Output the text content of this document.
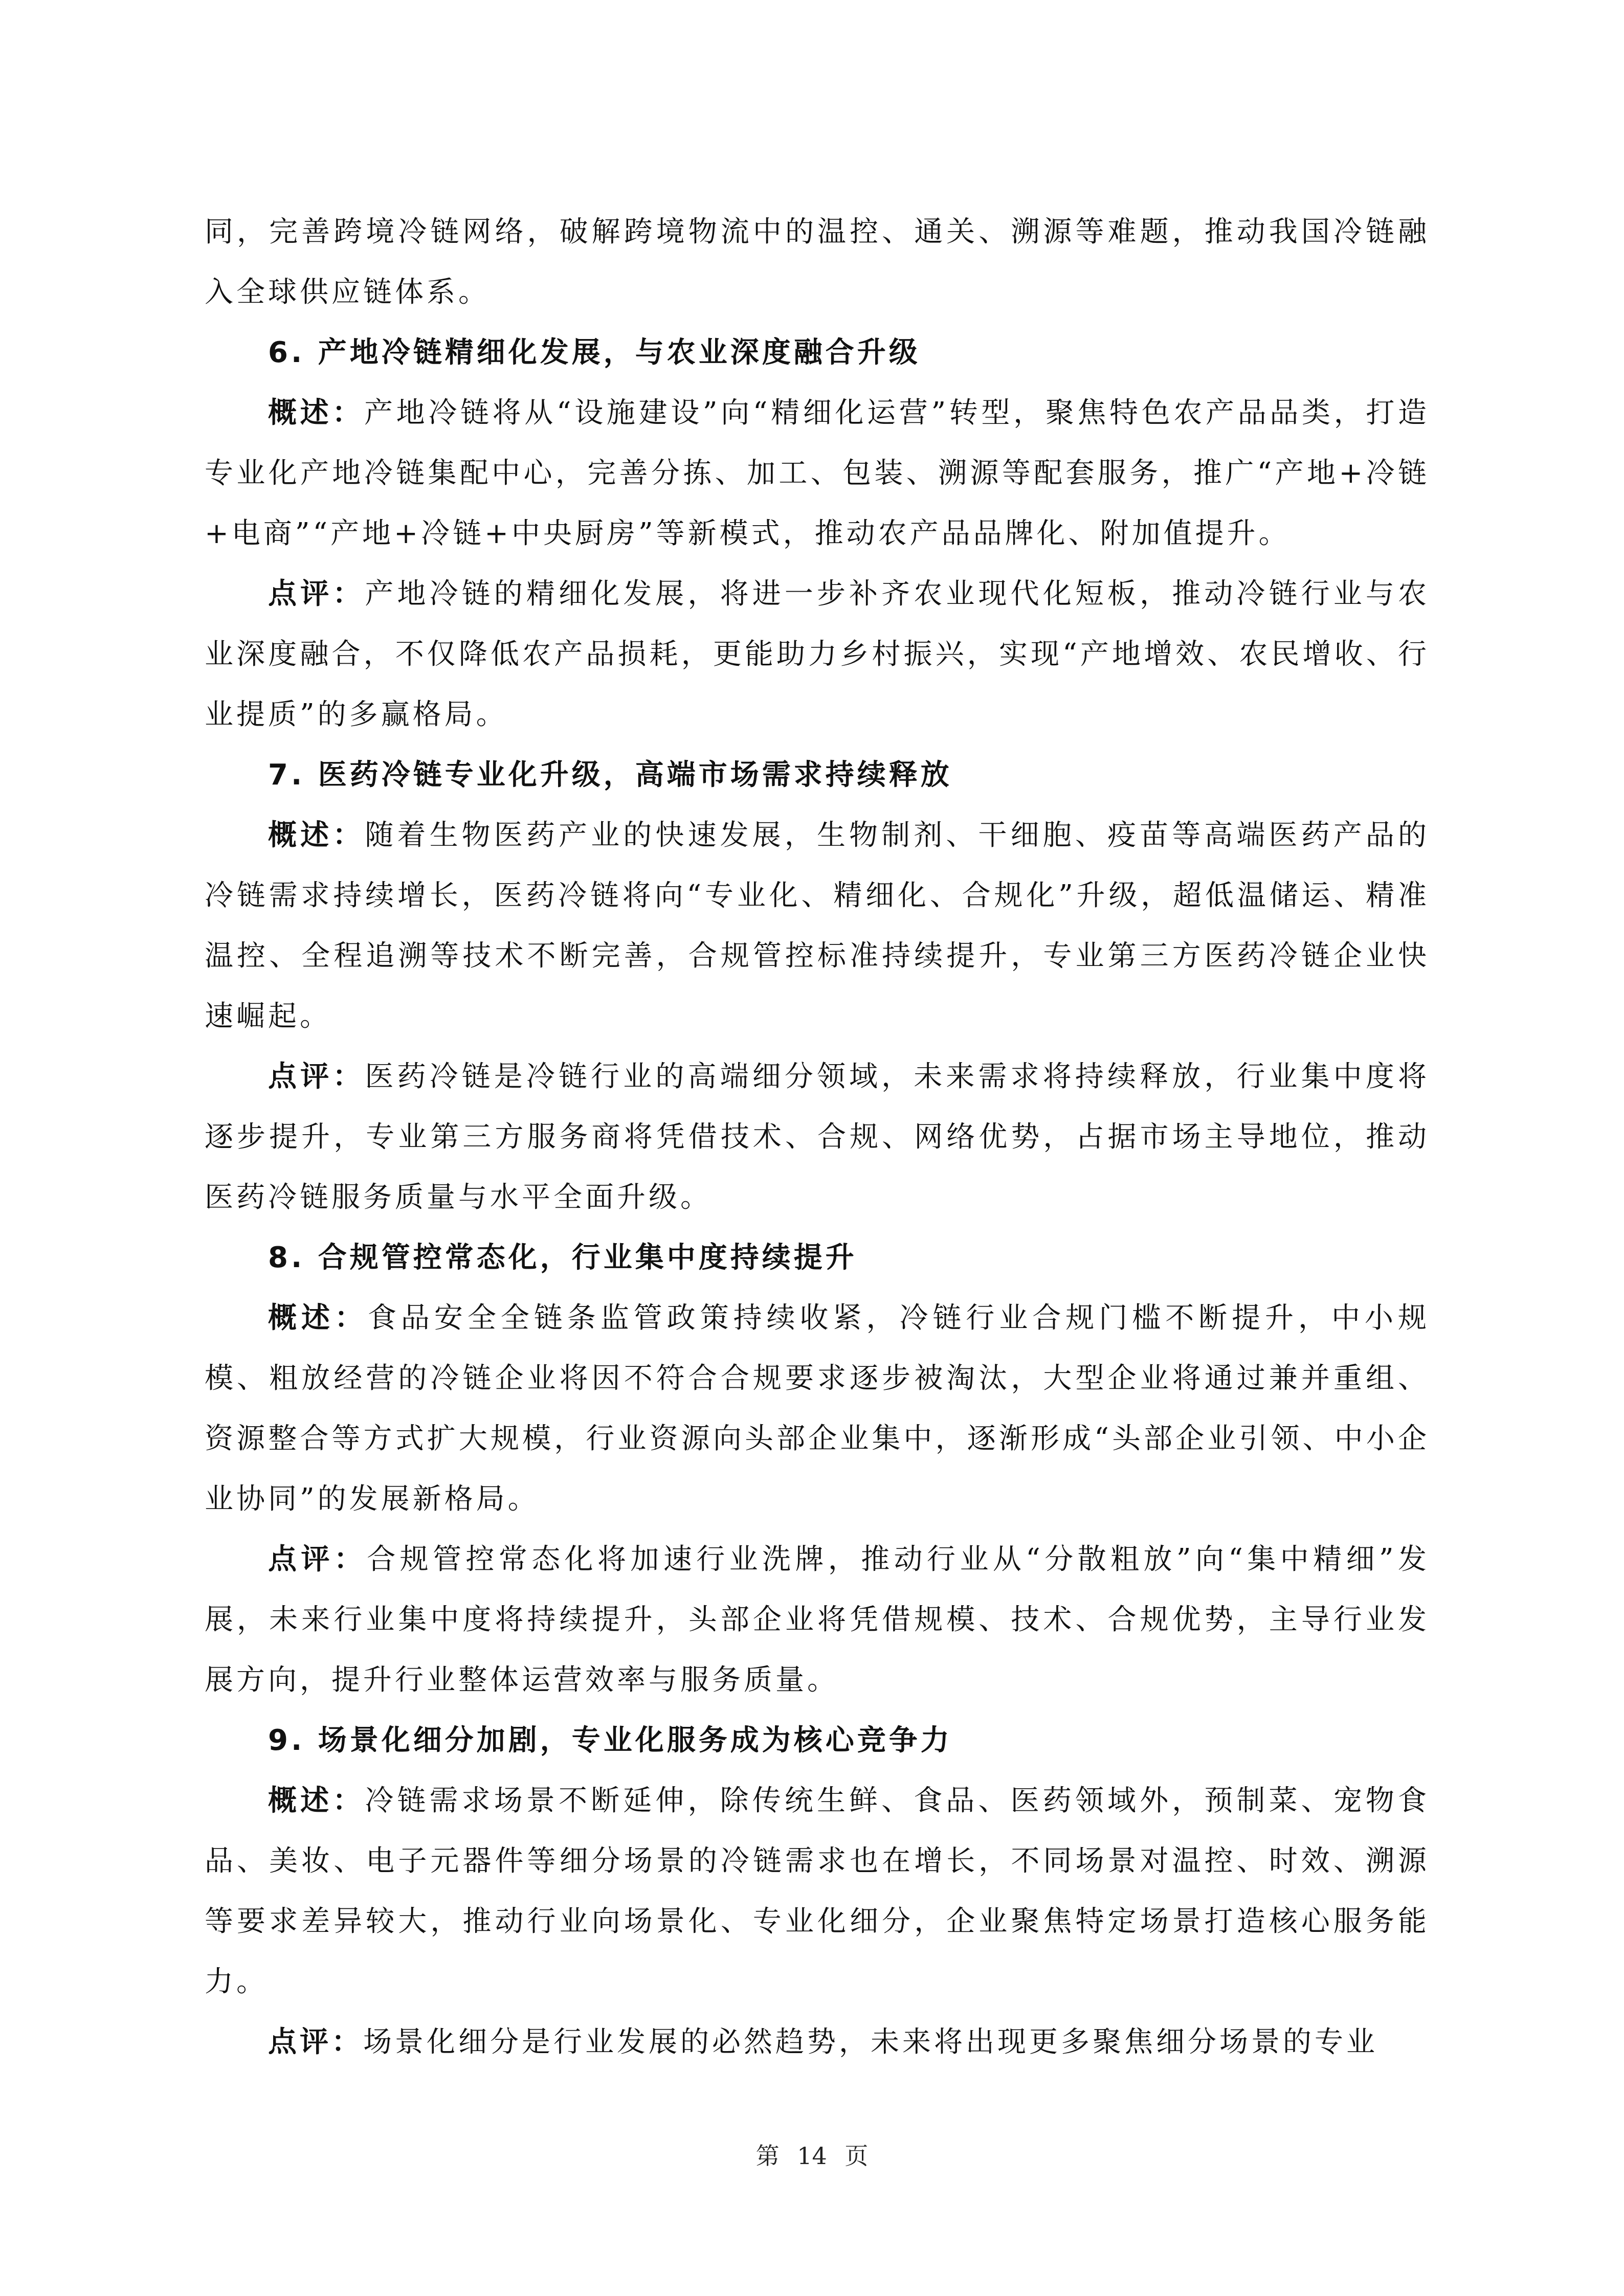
同，完善跨境冷链网络，破解跨境物流中的温控、通关、溯源等难题，推动我国冷链融入全球供应链体系。

6. 产地冷链精细化发展，与农业深度融合升级

概述：产地冷链将从“设施建设”向“精细化运营”转型，聚焦特色农产品品类，打造专业化产地冷链集配中心，完善分拣、加工、包装、溯源等配套服务，推广“产地+冷链+电商”“产地+冷链+中央厨房”等新模式，推动农产品品牌化、附加值提升。

点评：产地冷链的精细化发展，将进一步补齐农业现代化短板，推动冷链行业与农业深度融合，不仅降低农产品损耗，更能助力乡村振兴，实现“产地增效、农民增收、行业提质”的多赢格局。

7. 医药冷链专业化升级，高端市场需求持续释放

概述：随着生物医药产业的快速发展，生物制剂、干细胞、疫苗等高端医药产品的冷链需求持续增长，医药冷链将向“专业化、精细化、合规化”升级，超低温储运、精准温控、全程追溯等技术不断完善，合规管控标准持续提升，专业第三方医药冷链企业快速崛起。

点评：医药冷链是冷链行业的高端细分领域，未来需求将持续释放，行业集中度将逐步提升，专业第三方服务商将凭借技术、合规、网络优势，占据市场主导地位，推动医药冷链服务质量与水平全面升级。

8. 合规管控常态化，行业集中度持续提升

概述：食品安全全链条监管政策持续收紧，冷链行业合规门槛不断提升，中小规模、粗放经营的冷链企业将因不符合合规要求逐步被淘汰，大型企业将通过兼并重组、资源整合等方式扩大规模，行业资源向头部企业集中，逐渐形成“头部企业引领、中小企业协同”的发展新格局。

点评：合规管控常态化将加速行业洗牌，推动行业从“分散粗放”向“集中精细”发展，未来行业集中度将持续提升，头部企业将凭借规模、技术、合规优势，主导行业发展方向，提升行业整体运营效率与服务质量。

9. 场景化细分加剧，专业化服务成为核心竞争力

概述：冷链需求场景不断延伸，除传统生鲜、食品、医药领域外，预制菜、宠物食品、美妆、电子元器件等细分场景的冷链需求也在增长，不同场景对温控、时效、溯源等要求差异较大，推动行业向场景化、专业化细分，企业聚焦特定场景打造核心服务能力。

点评：场景化细分是行业发展的必然趋势，未来将出现更多聚焦细分场景的专业

第 14 页
